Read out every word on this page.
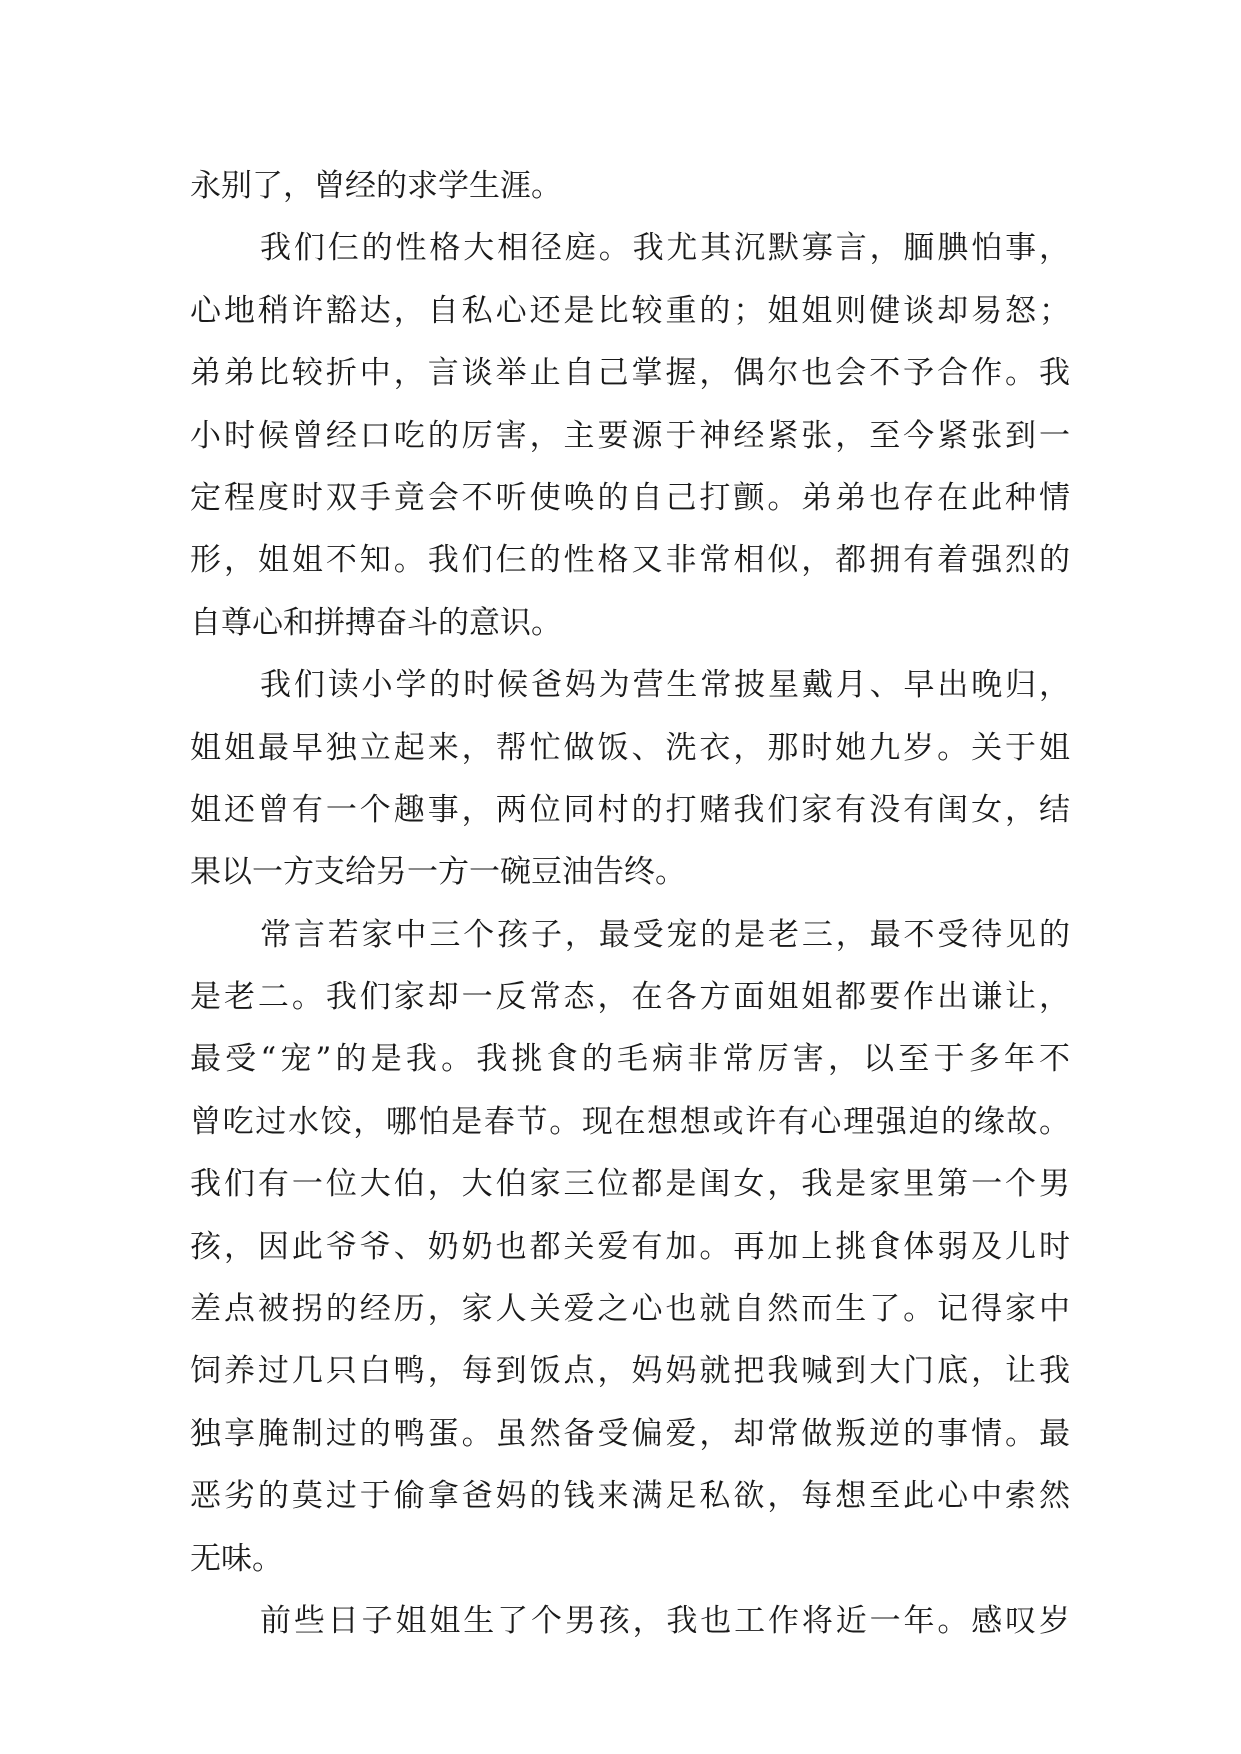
永别了，曾经的求学生涯。
我们仨的性格大相径庭。我尤其沉默寡言，腼腆怕事，
心地稍许豁达，自私心还是比较重的；姐姐则健谈却易怒；
弟弟比较折中，言谈举止自己掌握，偶尔也会不予合作。我
小时候曾经口吃的厉害，主要源于神经紧张，至今紧张到一
定程度时双手竟会不听使唤的自己打颤。弟弟也存在此种情
形，姐姐不知。我们仨的性格又非常相似，都拥有着强烈的
自尊心和拼搏奋斗的意识。
我们读小学的时候爸妈为营生常披星戴月、早出晚归，
姐姐最早独立起来，帮忙做饭、洗衣，那时她九岁。关于姐
姐还曾有一个趣事，两位同村的打赌我们家有没有闺女，结
果以一方支给另一方一碗豆油告终。
常言若家中三个孩子，最受宠的是老三，最不受待见的
是老二。我们家却一反常态，在各方面姐姐都要作出谦让，
最受“宠”的是我。我挑食的毛病非常厉害，以至于多年不
曾吃过水饺，哪怕是春节。现在想想或许有心理强迫的缘故。
我们有一位大伯，大伯家三位都是闺女，我是家里第一个男
孩，因此爷爷、奶奶也都关爱有加。再加上挑食体弱及儿时
差点被拐的经历，家人关爱之心也就自然而生了。记得家中
饲养过几只白鸭，每到饭点，妈妈就把我喊到大门底，让我
独享腌制过的鸭蛋。虽然备受偏爱，却常做叛逆的事情。最
恶劣的莫过于偷拿爸妈的钱来满足私欲，每想至此心中索然
无味。
前些日子姐姐生了个男孩，我也工作将近一年。感叹岁
